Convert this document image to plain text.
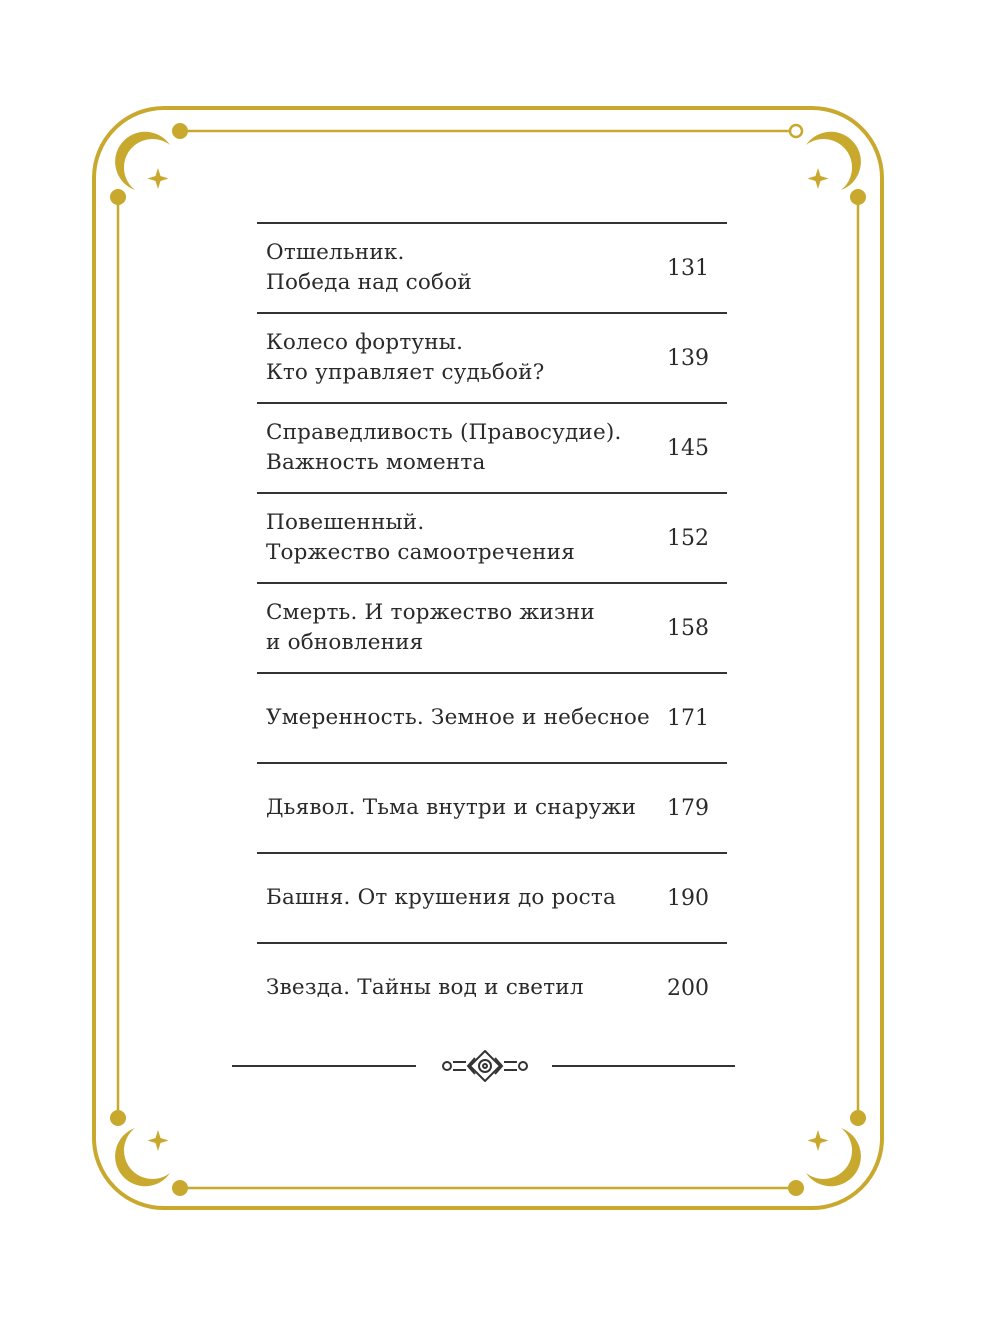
Отшельник.
Победа над собой
131
Колесо фортуны.
Кто управляет судьбой?
139
Справедливость (Правосудие).
Важность момента
145
Повешенный.
Торжество самоотречения
152
Смерть. И торжество жизни
и обновления
158
Умеренность. Земное и небесное 171
Дьявол. Тьма внутри и снаружи 179
Башня. От крушения до роста 190
Звезда. Тайны вод и светил	200
